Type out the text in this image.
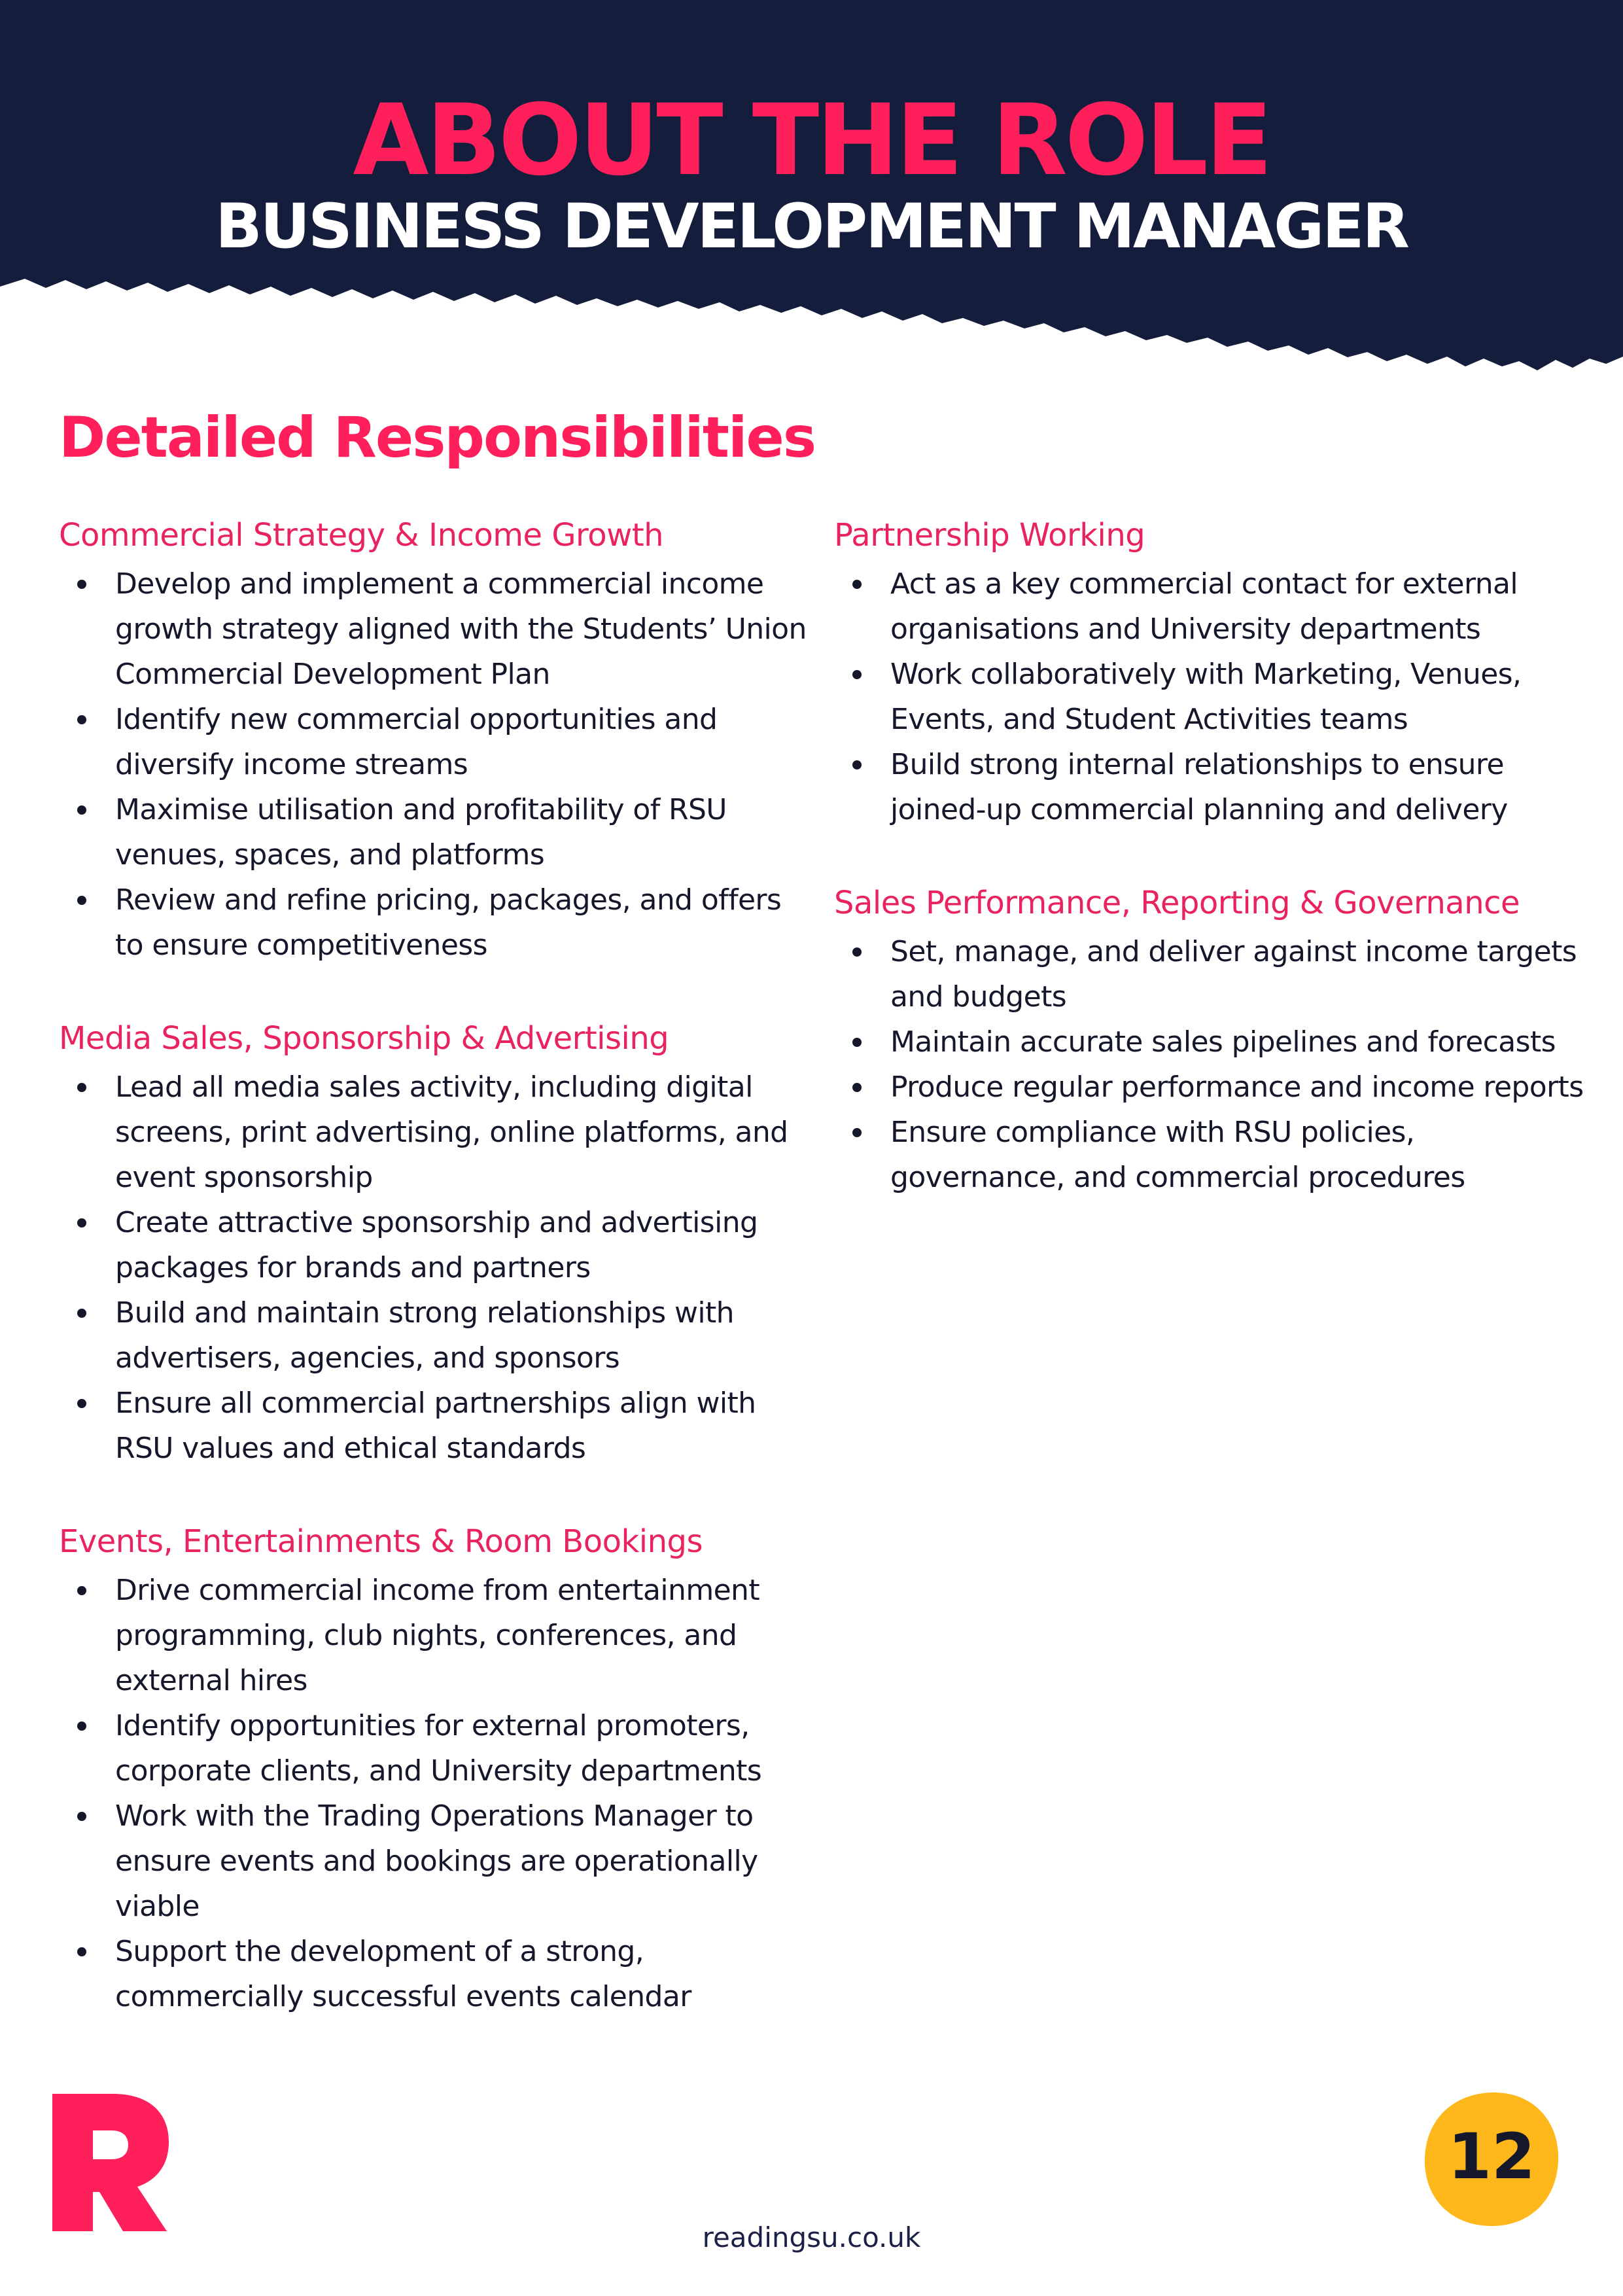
ABOUT THE ROLE
BUSINESS DEVELOPMENT MANAGER
Detailed Responsibilities
Commercial Strategy & Income Growth
Develop and implement a commercial income growth strategy aligned with the Students’ Union Commercial Development Plan
Identify new commercial opportunities and diversify income streams
Maximise utilisation and profitability of RSU venues, spaces, and platforms
Review and refine pricing, packages, and offers to ensure competitiveness
Media Sales, Sponsorship & Advertising
Lead all media sales activity, including digital screens, print advertising, online platforms, and event sponsorship
Create attractive sponsorship and advertising packages for brands and partners
Build and maintain strong relationships with advertisers, agencies, and sponsors
Ensure all commercial partnerships align with RSU values and ethical standards
Events, Entertainments & Room Bookings
Drive commercial income from entertainment programming, club nights, conferences, and external hires
Identify opportunities for external promoters, corporate clients, and University departments
Work with the Trading Operations Manager to ensure events and bookings are operationally viable
Support the development of a strong, commercially successful events calendar
Partnership Working
Act as a key commercial contact for external organisations and University departments
Work collaboratively with Marketing, Venues, Events, and Student Activities teams
Build strong internal relationships to ensure joined-up commercial planning and delivery
Sales Performance, Reporting & Governance
Set, manage, and deliver against income targets and budgets
Maintain accurate sales pipelines and forecasts
Produce regular performance and income reports
Ensure compliance with RSU policies, governance, and commercial procedures
12
readingsu.co.uk
